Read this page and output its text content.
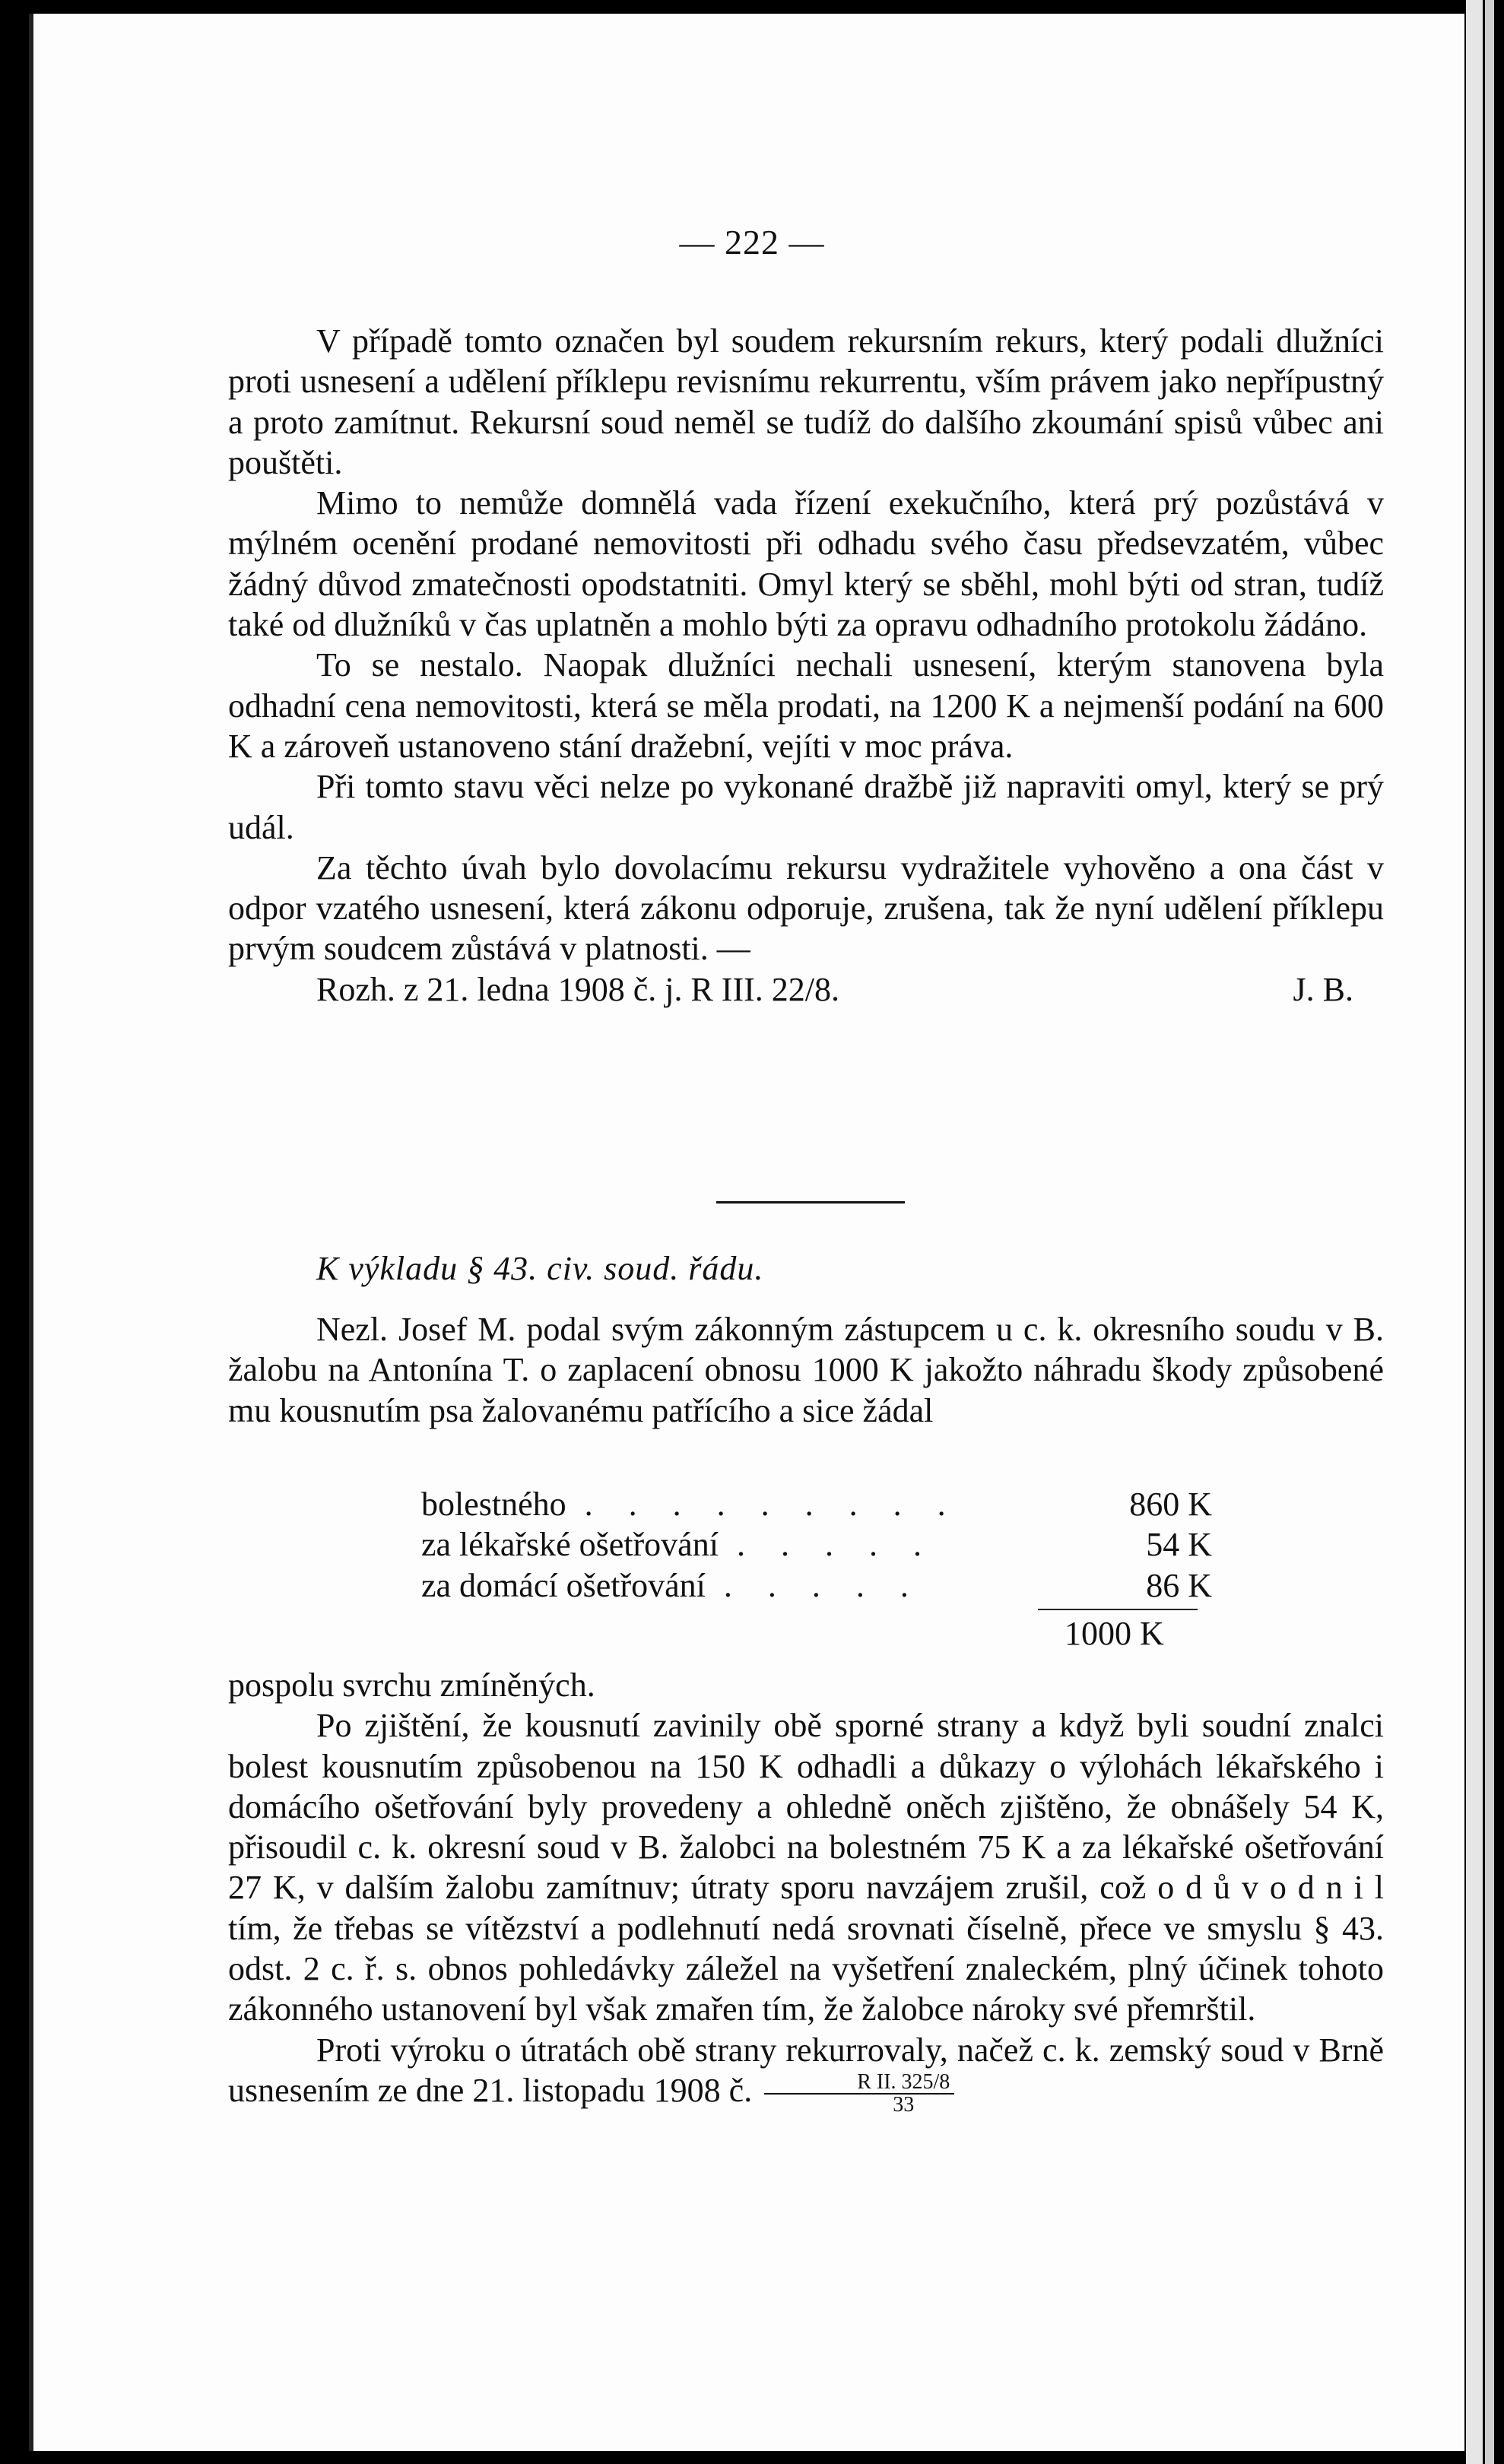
— 222 —

V případě tomto označen byl soudem rekursním rekurs, který podali dlužníci proti usnesení a udělení příklepu revisnímu rekurrentu, vším právem jako nepřípustný a proto zamítnut. Rekursní soud neměl se tudíž do dalšího zkoumání spisů vůbec ani pouštěti.

Mimo to nemůže domnělá vada řízení exekučního, která prý pozůstává v mýlném ocenění prodané nemovitosti při odhadu svého času předsevzatém, vůbec žádný důvod zmatečnosti opodstatniti. Omyl který se sběhl, mohl býti od stran, tudíž také od dlužníků v čas uplatněn a mohlo býti za opravu odhadního protokolu žádáno.

To se nestalo. Naopak dlužníci nechali usnesení, kterým stanovena byla odhadní cena nemovitosti, která se měla prodati, na 1200 K a nejmenší podání na 600 K a zároveň ustanoveno stání dražební, vejíti v moc práva.

Při tomto stavu věci nelze po vykonané dražbě již napraviti omyl, který se prý udál.

Za těchto úvah bylo dovolacímu rekursu vydražitele vyhověno a ona část v odpor vzatého usnesení, která zákonu odporuje, zrušena, tak že nyní udělení příklepu prvým soudcem zůstává v platnosti. —

Rozh. z 21. ledna 1908 č. j. R III. 22/8.	J. B.
K výkladu § 43. civ. soud. řádu.

Nezl. Josef M. podal svým zákonným zástupcem u c. k. okresního soudu v B. žalobu na Antonína T. o zaplacení obnosu 1000 K jakožto náhradu škody způsobené mu kousnutím psa žalovanému patřícího a sice žádal

bolestného . . . . . . . . .	860 K
za lékařské ošetřování . . . . .	54 K
za domácí ošetřování . . . . .	86 K
1000 K

pospolu svrchu zmíněných.

Po zjištění, že kousnutí zavinily obě sporné strany a když byli soudní znalci bolest kousnutím způsobenou na 150 K odhadli a důkazy o výlohách lékařského i domácího ošetřování byly provedeny a ohledně oněch zjištěno, že obnášely 54 K, přisoudil c. k. okresní soud v B. žalobci na bolestném 75 K a za lékařské ošetřování 27 K, v dalším žalobu zamítnuv; útraty sporu navzájem zrušil, což o d ů v o d n i l tím, že třebas se vítězství a podlehnutí nedá srovnati číselně, přece ve smyslu § 43. odst. 2 c. ř. s. obnos pohledávky záležel na vyšetření znaleckém, plný účinek tohoto zákonného ustanovení byl však zmařen tím, že žalobce nároky své přemrštil.

Proti výroku o útratách obě strany rekurrovaly, načež c. k. zemský soud v Brně usnesením ze dne 21. listopadu 1908 č. $\frac{\text{R II. 325/8}}{33}$
